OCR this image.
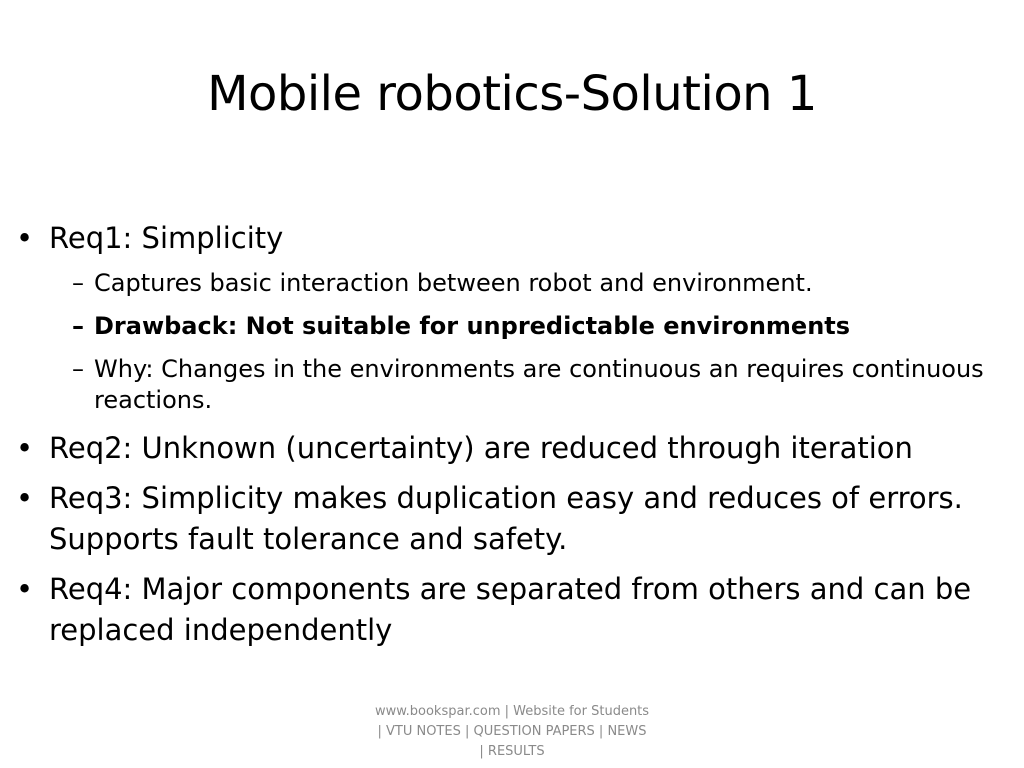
Mobile robotics-Solution 1
• Req1: Simplicity
– Captures basic interaction between robot and environment.
– Drawback: Not suitable for unpredictable environments
– Why: Changes in the environments are continuous an requires continuous reactions.
• Req2: Unknown (uncertainty) are reduced through iteration
• Req3: Simplicity makes duplication easy and reduces of errors. Supports fault tolerance and safety.
• Req4: Major components are separated from others and can be replaced independently
www.bookspar.com | Website for Students
| VTU NOTES | QUESTION PAPERS | NEWS
| RESULTS
